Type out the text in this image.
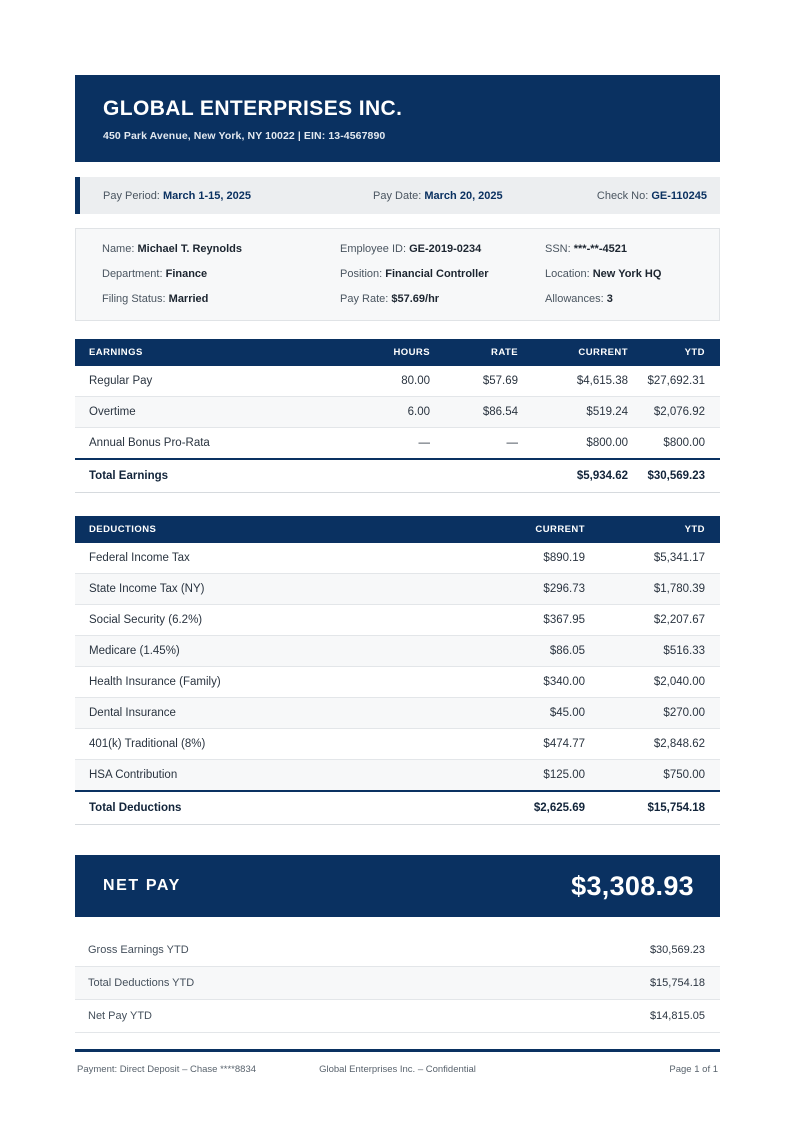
GLOBAL ENTERPRISES INC.
450 Park Avenue, New York, NY 10022 | EIN: 13-4567890
Pay Period: March 1-15, 2025	Pay Date: March 20, 2025	Check No: GE-110245
Name: Michael T. Reynolds	Employee ID: GE-2019-0234	SSN: ***-**-4521
Department: Finance	Position: Financial Controller	Location: New York HQ
Filing Status: Married	Pay Rate: $57.69/hr	Allowances: 3
EARNINGS	HOURS	RATE	CURRENT	YTD
Regular Pay	80.00	$57.69	$4,615.38	$27,692.31
Overtime	6.00	$86.54	$519.24	$2,076.92
Annual Bonus Pro-Rata	—	—	$800.00	$800.00
Total Earnings			$5,934.62	$30,569.23
DEDUCTIONS	CURRENT	YTD
Federal Income Tax	$890.19	$5,341.17
State Income Tax (NY)	$296.73	$1,780.39
Social Security (6.2%)	$367.95	$2,207.67
Medicare (1.45%)	$86.05	$516.33
Health Insurance (Family)	$340.00	$2,040.00
Dental Insurance	$45.00	$270.00
401(k) Traditional (8%)	$474.77	$2,848.62
HSA Contribution	$125.00	$750.00
Total Deductions	$2,625.69	$15,754.18
NET PAY	$3,308.93
Gross Earnings YTD	$30,569.23
Total Deductions YTD	$15,754.18
Net Pay YTD	$14,815.05
Payment: Direct Deposit – Chase ****8834	Global Enterprises Inc. – Confidential	Page 1 of 1
